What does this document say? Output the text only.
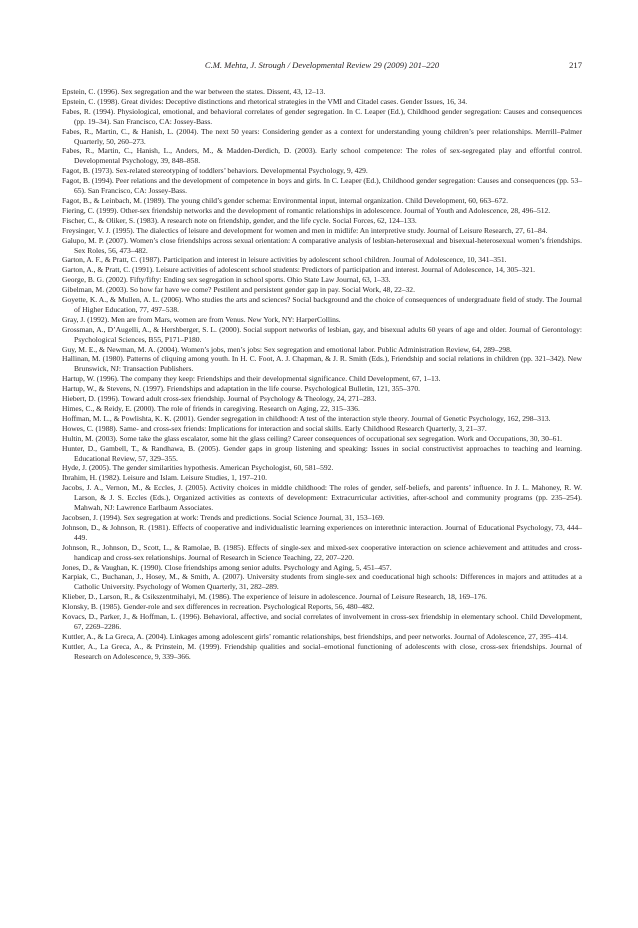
C.M. Mehta, J. Strough / Developmental Review 29 (2009) 201–220	217

Epstein, C. (1996). Sex segregation and the war between the states. Dissent, 43, 12–13.

Epstein, C. (1998). Great divides: Deceptive distinctions and rhetorical strategies in the VMI and Citadel cases. Gender Issues, 16, 34.

Fabes, R. (1994). Physiological, emotional, and behavioral correlates of gender segregation. In C. Leaper (Ed.), Childhood gender segregation: Causes and consequences (pp. 19–34). San Francisco, CA: Jossey-Bass.

Fabes, R., Martin, C., & Hanish, L. (2004). The next 50 years: Considering gender as a context for understanding young children’s peer relationships. Merrill–Palmer Quarterly, 50, 260–273.

Fabes, R., Martin, C., Hanish, L., Anders, M., & Madden-Derdich, D. (2003). Early school competence: The roles of sex-segregated play and effortful control. Developmental Psychology, 39, 848–858.

Fagot, B. (1973). Sex-related stereotyping of toddlers’ behaviors. Developmental Psychology, 9, 429.

Fagot, B. (1994). Peer relations and the development of competence in boys and girls. In C. Leaper (Ed.), Childhood gender segregation: Causes and consequences (pp. 53–65). San Francisco, CA: Jossey-Bass.

Fagot, B., & Leinbach, M. (1989). The young child’s gender schema: Environmental input, internal organization. Child Development, 60, 663–672.

Fiering, C. (1999). Other-sex friendship networks and the development of romantic relationships in adolescence. Journal of Youth and Adolescence, 28, 496–512.

Fischer, C., & Oliker, S. (1983). A research note on friendship, gender, and the life cycle. Social Forces, 62, 124–133.

Freysinger, V. J. (1995). The dialectics of leisure and development for women and men in midlife: An interpretive study. Journal of Leisure Research, 27, 61–84.

Galupo, M. P. (2007). Women’s close friendships across sexual orientation: A comparative analysis of lesbian-heterosexual and bisexual-heterosexual women’s friendships. Sex Roles, 56, 473–482.

Garton, A. F., & Pratt, C. (1987). Participation and interest in leisure activities by adolescent school children. Journal of Adolescence, 10, 341–351.

Garton, A., & Pratt, C. (1991). Leisure activities of adolescent school students: Predictors of participation and interest. Journal of Adolescence, 14, 305–321.

George, B. G. (2002). Fifty/fifty: Ending sex segregation in school sports. Ohio State Law Journal, 63, 1–33.

Gibelman, M. (2003). So how far have we come? Pestilent and persistent gender gap in pay. Social Work, 48, 22–32.

Goyette, K. A., & Mullen, A. L. (2006). Who studies the arts and sciences? Social background and the choice of consequences of undergraduate field of study. The Journal of Higher Education, 77, 497–538.

Gray, J. (1992). Men are from Mars, women are from Venus. New York, NY: HarperCollins.

Grossman, A., D’Augelli, A., & Hershberger, S. L. (2000). Social support networks of lesbian, gay, and bisexual adults 60 years of age and older. Journal of Gerontology: Psychological Sciences, B55, P171–P180.

Guy, M. E., & Newman, M. A. (2004). Women’s jobs, men’s jobs: Sex segregation and emotional labor. Public Administration Review, 64, 289–298.

Hallinan, M. (1980). Patterns of cliquing among youth. In H. C. Foot, A. J. Chapman, & J. R. Smith (Eds.), Friendship and social relations in children (pp. 321–342). New Brunswick, NJ: Transaction Publishers.

Hartup, W. (1996). The company they keep: Friendships and their developmental significance. Child Development, 67, 1–13.

Hartup, W., & Stevens, N. (1997). Friendships and adaptation in the life course. Psychological Bulletin, 121, 355–370.

Hiebert, D. (1996). Toward adult cross-sex friendship. Journal of Psychology & Theology, 24, 271–283.

Himes, C., & Reidy, E. (2000). The role of friends in caregiving. Research on Aging, 22, 315–336.

Hoffman, M. L., & Powlishta, K. K. (2001). Gender segregation in childhood: A test of the interaction style theory. Journal of Genetic Psychology, 162, 298–313.

Howes, C. (1988). Same- and cross-sex friends: Implications for interaction and social skills. Early Childhood Research Quarterly, 3, 21–37.

Hultin, M. (2003). Some take the glass escalator, some hit the glass ceiling? Career consequences of occupational sex segregation. Work and Occupations, 30, 30–61.

Hunter, D., Gambell, T., & Randhawa, B. (2005). Gender gaps in group listening and speaking: Issues in social constructivist approaches to teaching and learning. Educational Review, 57, 329–355.

Hyde, J. (2005). The gender similarities hypothesis. American Psychologist, 60, 581–592.

Ibrahim, H. (1982). Leisure and Islam. Leisure Studies, 1, 197–210.

Jacobs, J. A., Vernon, M., & Eccles, J. (2005). Activity choices in middle childhood: The roles of gender, self-beliefs, and parents’ influence. In J. L. Mahoney, R. W. Larson, & J. S. Eccles (Eds.), Organized activities as contexts of development: Extracurricular activities, after-school and community programs (pp. 235–254). Mahwah, NJ: Lawrence Earlbaum Associates.

Jacobsen, J. (1994). Sex segregation at work: Trends and predictions. Social Science Journal, 31, 153–169.

Johnson, D., & Johnson, R. (1981). Effects of cooperative and individualistic learning experiences on interethnic interaction. Journal of Educational Psychology, 73, 444–449.

Johnson, R., Johnson, D., Scott, L., & Ramolae, B. (1985). Effects of single-sex and mixed-sex cooperative interaction on science achievement and attitudes and cross-handicap and cross-sex relationships. Journal of Research in Science Teaching, 22, 207–220.

Jones, D., & Vaughan, K. (1990). Close friendships among senior adults. Psychology and Aging, 5, 451–457.

Karpiak, C., Buchanan, J., Hosey, M., & Smith, A. (2007). University students from single-sex and coeducational high schools: Differences in majors and attitudes at a Catholic University. Psychology of Women Quarterly, 31, 282–289.

Klieber, D., Larson, R., & Csikszentmihalyi, M. (1986). The experience of leisure in adolescence. Journal of Leisure Research, 18, 169–176.

Klonsky, B. (1985). Gender-role and sex differences in recreation. Psychological Reports, 56, 480–482.

Kovacs, D., Parker, J., & Hoffman, L. (1996). Behavioral, affective, and social correlates of involvement in cross-sex friendship in elementary school. Child Development, 67, 2269–2286.

Kuttler, A., & La Greca, A. (2004). Linkages among adolescent girls’ romantic relationships, best friendships, and peer networks. Journal of Adolescence, 27, 395–414.

Kuttler, A., La Greca, A., & Prinstein, M. (1999). Friendship qualities and social–emotional functioning of adolescents with close, cross-sex friendships. Journal of Research on Adolescence, 9, 339–366.
